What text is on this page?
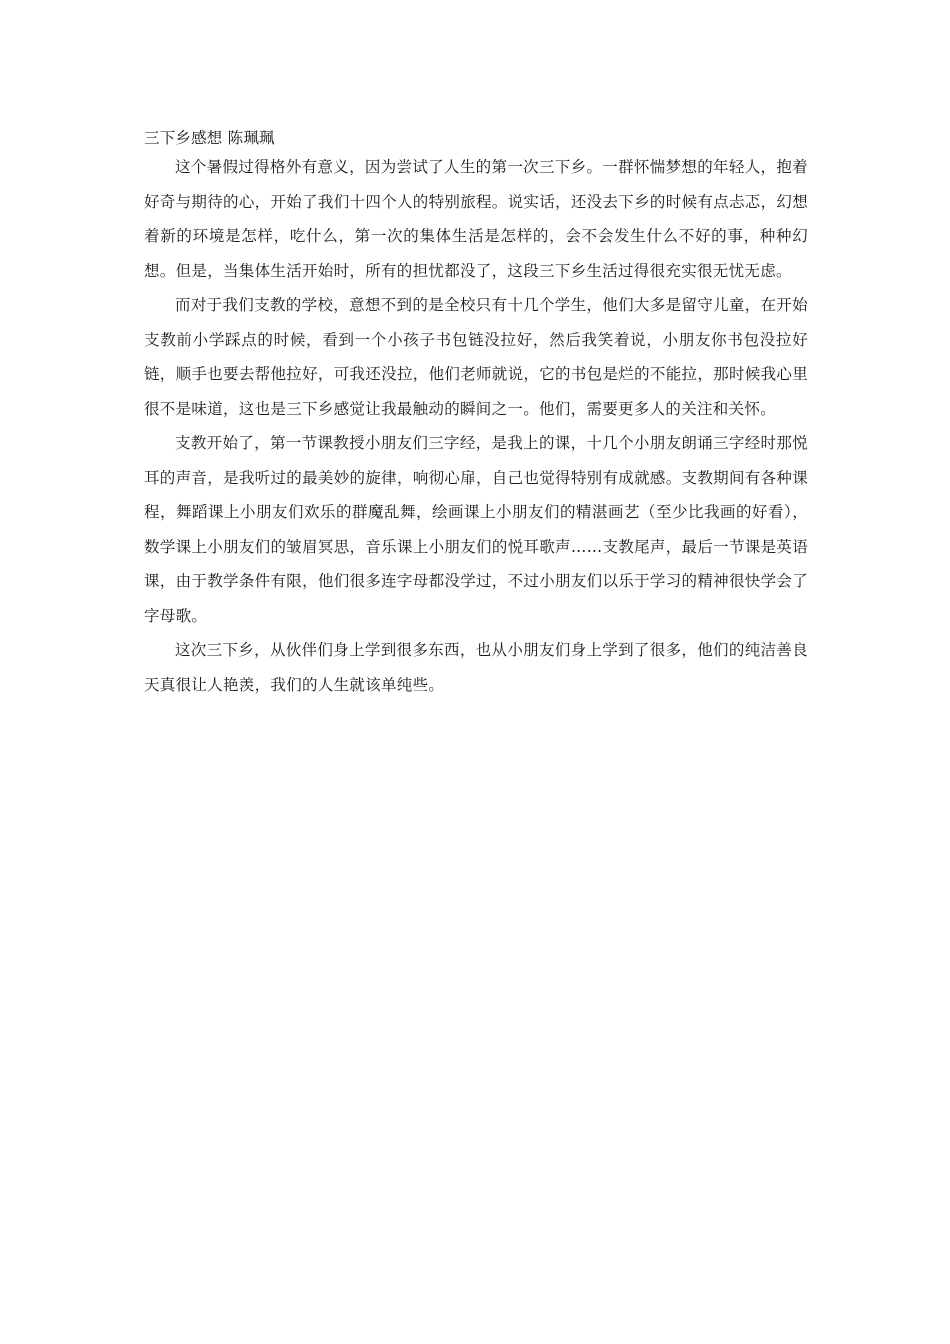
三下乡感想 陈珮珮

这个暑假过得格外有意义，因为尝试了人生的第一次三下乡。一群怀惴梦想的年轻人，抱着好奇与期待的心，开始了我们十四个人的特别旅程。说实话，还没去下乡的时候有点忐忑，幻想着新的环境是怎样，吃什么，第一次的集体生活是怎样的，会不会发生什么不好的事，种种幻想。但是，当集体生活开始时，所有的担忧都没了，这段三下乡生活过得很充实很无忧无虑。

而对于我们支教的学校，意想不到的是全校只有十几个学生，他们大多是留守儿童，在开始支教前小学踩点的时候，看到一个小孩子书包链没拉好，然后我笑着说，小朋友你书包没拉好链，顺手也要去帮他拉好，可我还没拉，他们老师就说，它的书包是烂的不能拉，那时候我心里很不是味道，这也是三下乡感觉让我最触动的瞬间之一。他们，需要更多人的关注和关怀。

支教开始了，第一节课教授小朋友们三字经，是我上的课，十几个小朋友朗诵三字经时那悦耳的声音，是我听过的最美妙的旋律，响彻心扉，自己也觉得特别有成就感。支教期间有各种课程，舞蹈课上小朋友们欢乐的群魔乱舞，绘画课上小朋友们的精湛画艺（至少比我画的好看），数学课上小朋友们的皱眉冥思，音乐课上小朋友们的悦耳歌声……支教尾声，最后一节课是英语课，由于教学条件有限，他们很多连字母都没学过，不过小朋友们以乐于学习的精神很快学会了字母歌。

这次三下乡，从伙伴们身上学到很多东西，也从小朋友们身上学到了很多，他们的纯洁善良天真很让人艳羡，我们的人生就该单纯些。
